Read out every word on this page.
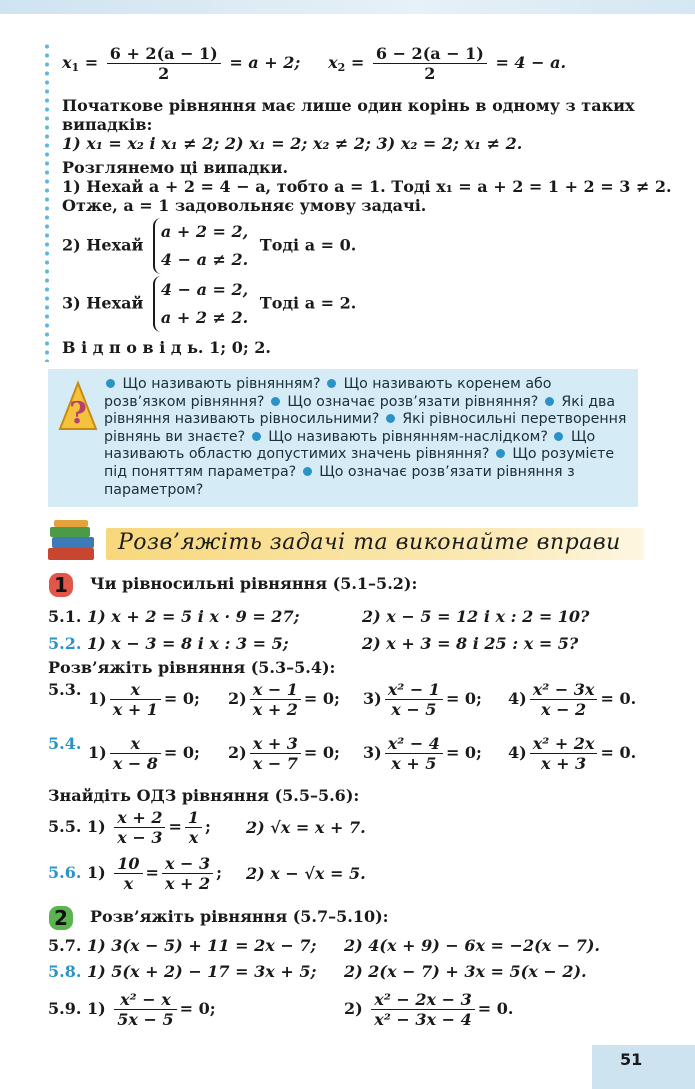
$x_1 = \frac{6 + 2(a - 1)}{2} = a + 2$; $x_2 = \frac{6 - 2(a - 1)}{2} = 4 - a$.
Початкове рівняння має лише один корінь в одному з таких
випадків:
1) x₁ = x₂ і x₁ ≠ 2; 2) x₁ = 2; x₂ ≠ 2; 3) x₂ = 2; x₁ ≠ 2.
Розглянемо ці випадки.
1) Нехай a + 2 = 4 − a, тобто a = 1. Тоді x₁ = a + 2 = 1 + 2 = 3 ≠ 2.
Отже, a = 1 задовольняє умову задачі.
2) Нехай
a + 2 = 2,
4 − a ≠ 2.
Тоді a = 0.
3) Нехай
4 − a = 2,
a + 2 ≠ 2.
Тоді a = 2.
В і д п о в і д ь. 1; 0; 2.
?
Що називають рівнянням? Що називають коренем або розв’язком рівняння? Що означає розв’язати рівняння? Які два рівняння називають рівносильними? Які рівносильні перетворення рівнянь ви знаєте? Що називають рівнянням-наслідком? Що називають областю допустимих значень рівняння? Що розумієте під поняттям параметра? Що означає розв’язати рівняння з параметром?
Розв’яжіть задачі та виконайте вправи
1	Чи рівносильні рівняння (5.1–5.2):
5.1. 1) x + 2 = 5 і x · 9 = 27;	2) x − 5 = 12 і x : 2 = 10?
5.2. 1) x − 3 = 8 і x : 3 = 5;	2) x + 3 = 8 і 25 : x = 5?
Розв’яжіть рівняння (5.3–5.4):
5.3. $1) \frac{x}{x + 1} = 0$; $2) \frac{x - 1}{x + 2} = 0$; $3) \frac{\text{x² − 1}}{x - 5} = 0$; $4) \frac{\text{x² − 3x}}{x - 2} = 0$.
5.4. $1) \frac{x}{x - 8} = 0$; $2) \frac{x + 3}{x - 7} = 0$; $3) \frac{\text{x² − 4}}{x + 5} = 0$; $4) \frac{\text{x² + 2x}}{x + 3} = 0$.
Знайдіть ОДЗ рівняння (5.5–5.6):
5.5. $1) \frac{x + 2}{x - 3} = \frac{1}{x}$ ; 2) √x = x + 7.
5.6. $1) \frac{10}{x} = \frac{x - 3}{x + 2}$ ; 2) x − √x = 5.
2	Розв’яжіть рівняння (5.7–5.10):
5.7. 1) 3(x − 5) + 11 = 2x − 7; 2) 4(x + 9) − 6x = −2(x − 7).
5.8. 1) 5(x + 2) − 17 = 3x + 5; 2) 2(x − 7) + 3x = 5(x − 2).
5.9. $1) \frac{\text{x² − x}}{5x - 5} = 0$;	$2) \frac{\text{x² − 2x − 3}}{\text{x² − 3x − 4}} = 0$.
51
